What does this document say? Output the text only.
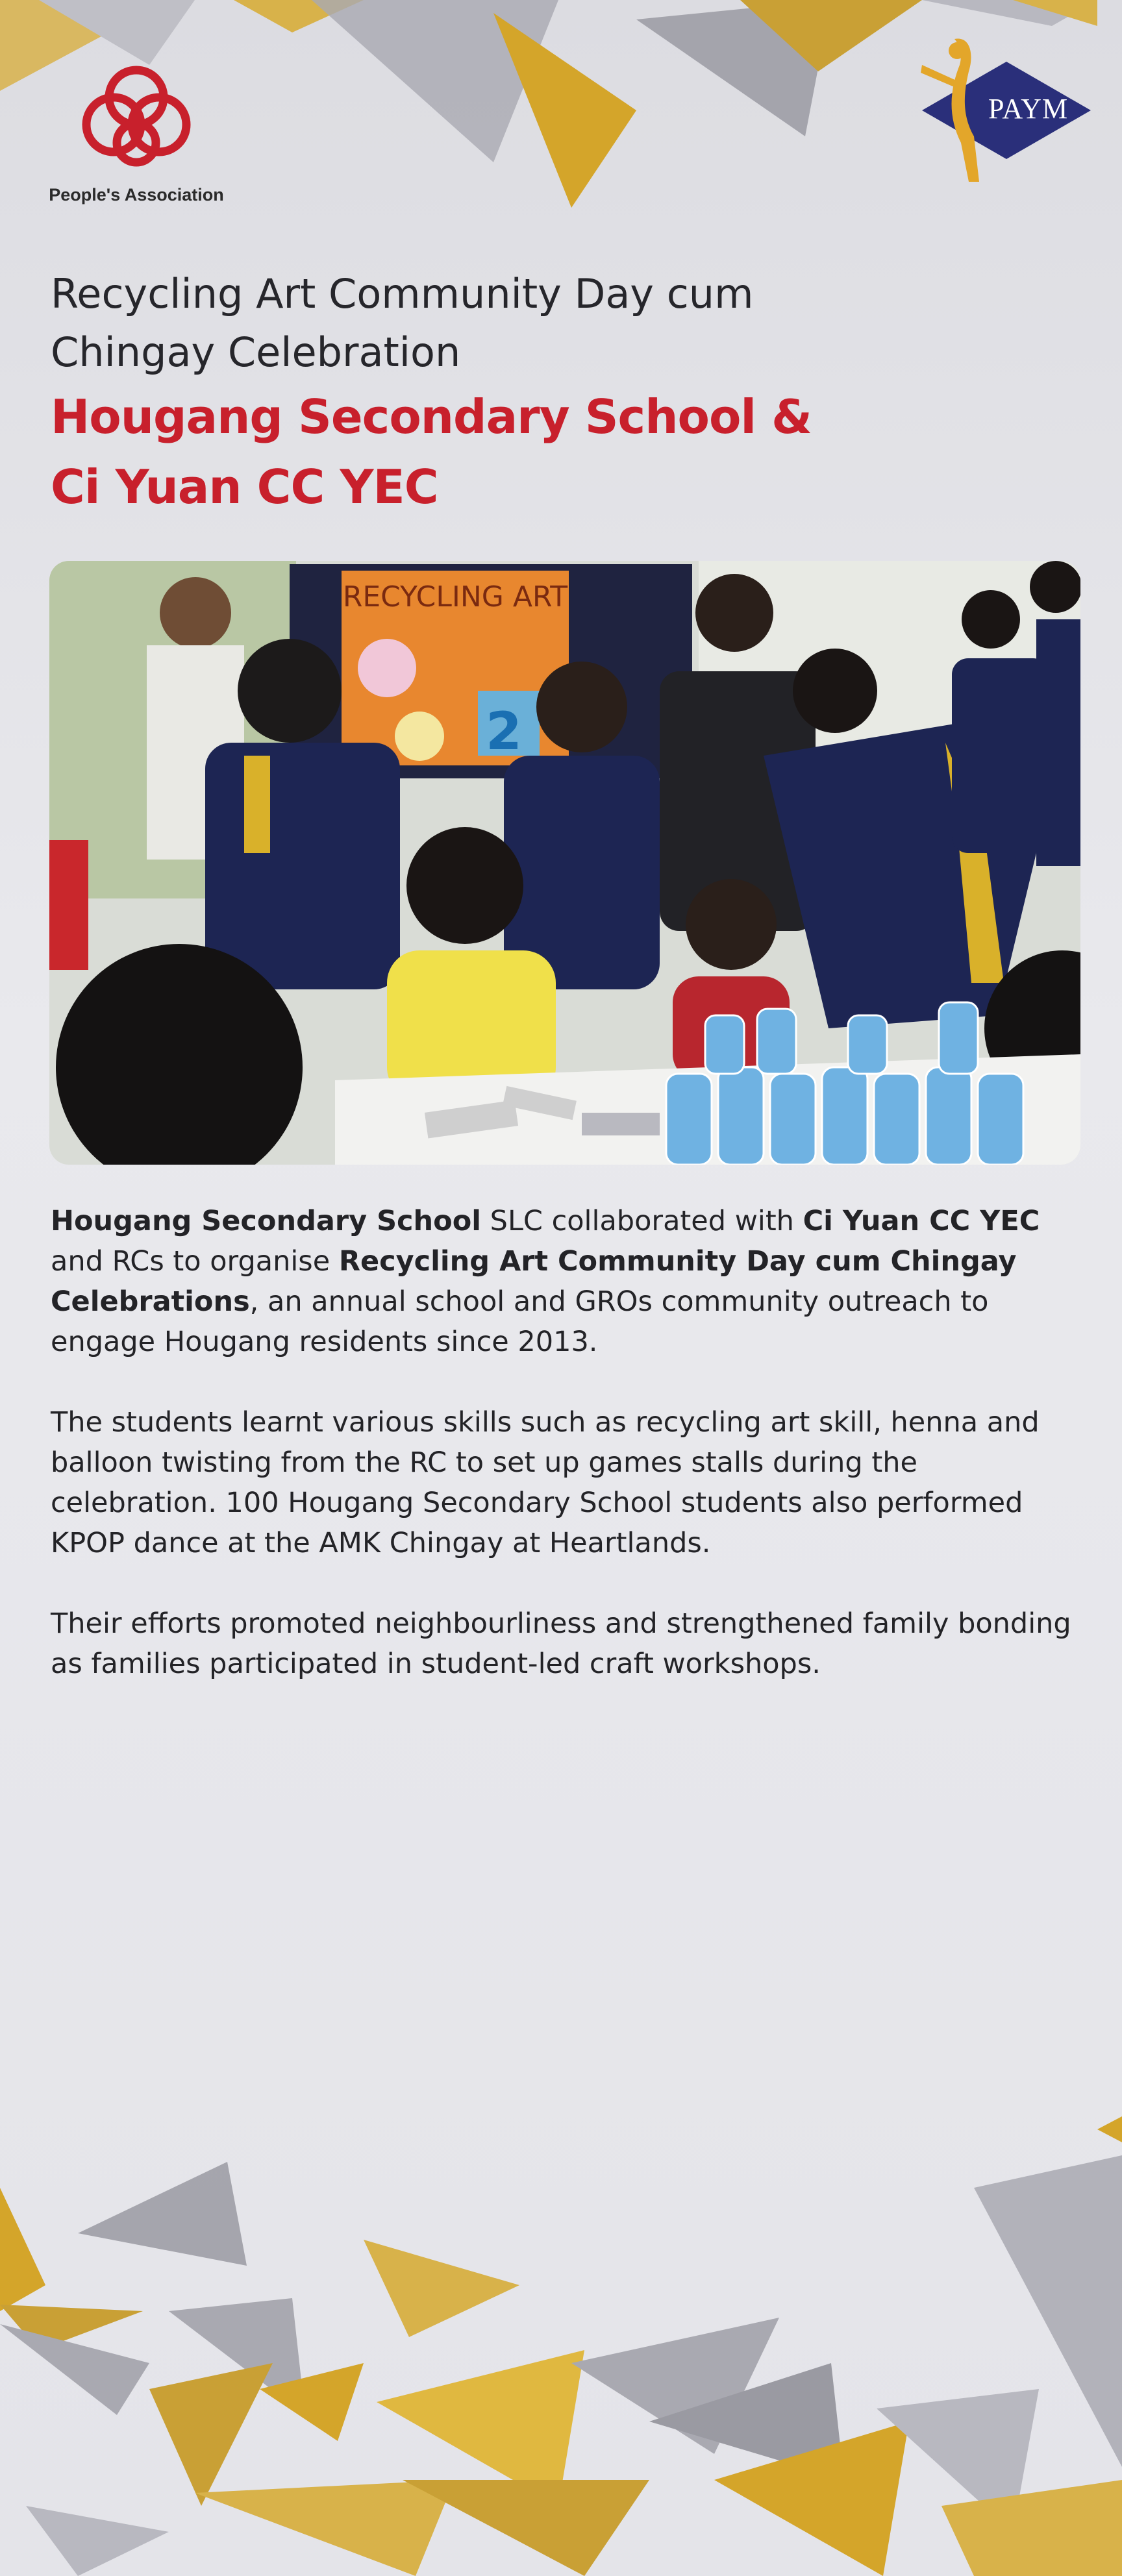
People's Association
PAYM
Recycling Art Community Day cum
Chingay Celebration
Hougang Secondary School &
Ci Yuan CC YEC
RECYCLING ART
2

Hougang Secondary School SLC collaborated with Ci Yuan CC YEC and RCs to organise Recycling Art Community Day cum Chingay Celebrations, an annual school and GROs community outreach to engage Hougang residents since 2013.

The students learnt various skills such as recycling art skill, henna and balloon twisting from the RC to set up games stalls during the celebration. 100 Hougang Secondary School students also performed KPOP dance at the AMK Chingay at Heartlands.

Their efforts promoted neighbourliness and strengthened family bonding as families participated in student-led craft workshops.
